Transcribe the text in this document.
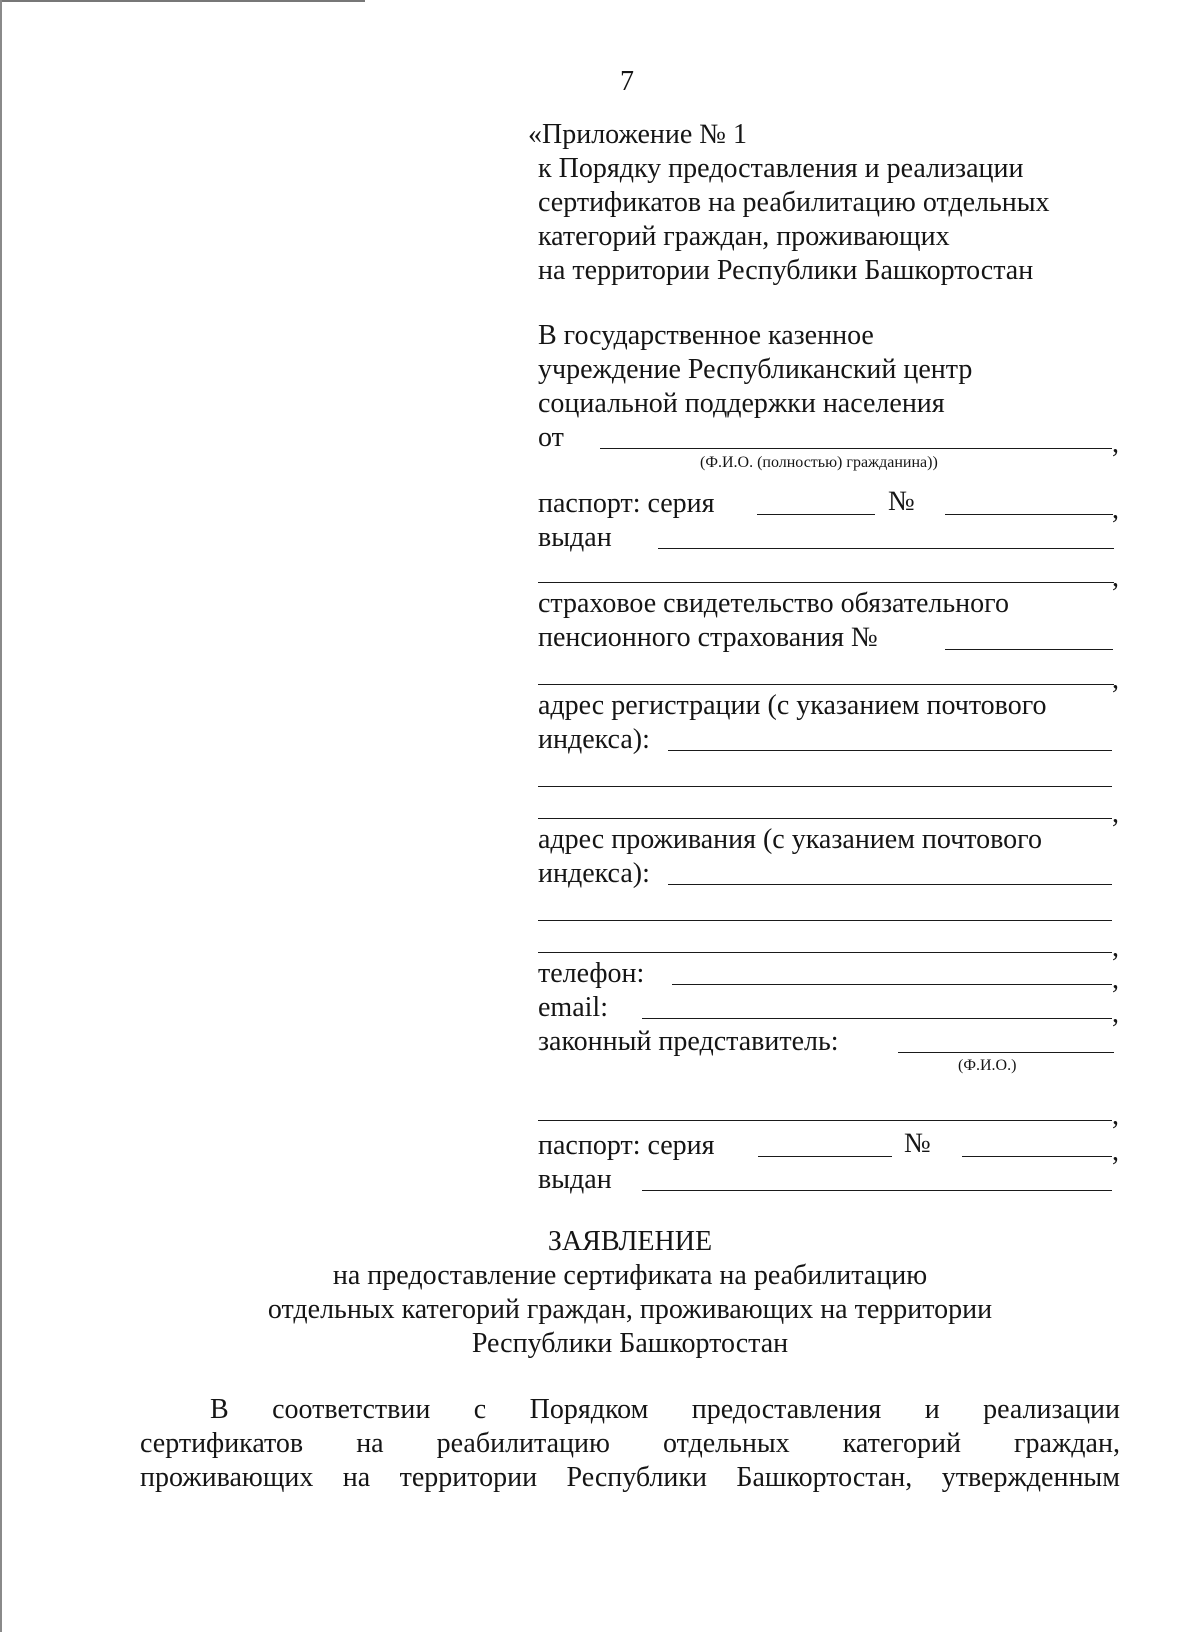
7
«Приложение № 1
к Порядку предоставления и реализации
сертификатов на реабилитацию отдельных
категорий граждан, проживающих
на территории Республики Башкортостан
В государственное казенное
учреждение Республиканский центр
социальной поддержки населения
от	,
(Ф.И.О. (полностью) гражданина))
паспорт: серия	№	,
выдан
,
страховое свидетельство обязательного
пенсионного страхования №
,
адрес регистрации (с указанием почтового
индекса):
,
адрес проживания (с указанием почтового
индекса):
,
телефон:	,
email:	,
законный представитель:
(Ф.И.О.)
,
паспорт: серия	№	,
выдан
ЗАЯВЛЕНИЕ
на предоставление сертификата на реабилитацию
отдельных категорий граждан, проживающих на территории
Республики Башкортостан
В соответствии с Порядком предоставления и реализации
сертификатов на реабилитацию отдельных категорий граждан,
проживающих на территории Республики Башкортостан, утвержденным
